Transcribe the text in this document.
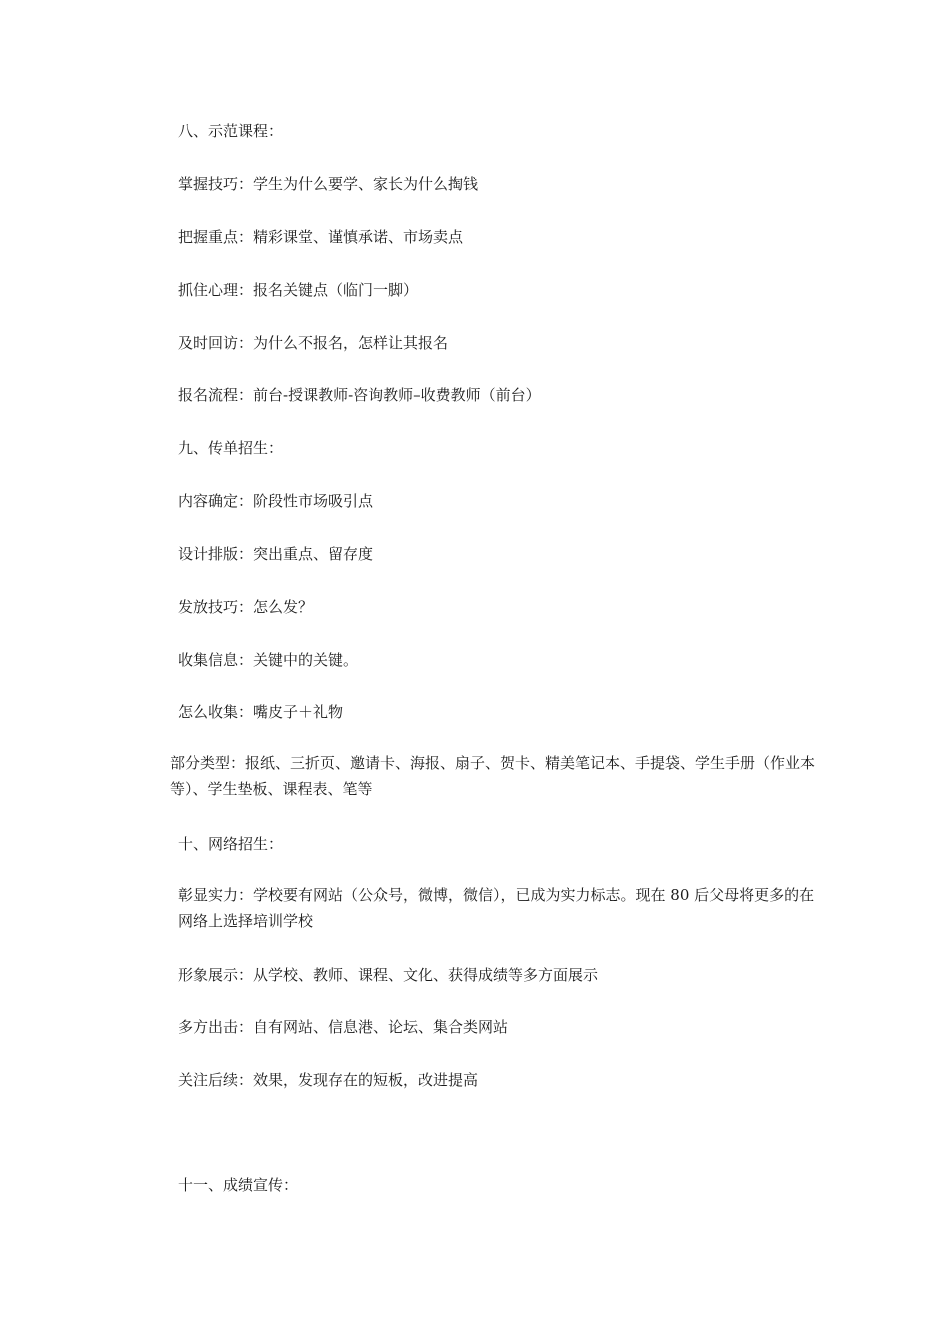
八、示范课程：
掌握技巧：学生为什么要学、家长为什么掏钱
把握重点：精彩课堂、谨慎承诺、市场卖点
抓住心理：报名关键点（临门一脚）
及时回访：为什么不报名，怎样让其报名
报名流程：前台-授课教师-咨询教师–收费教师（前台）
九、传单招生：
内容确定：阶段性市场吸引点
设计排版：突出重点、留存度
发放技巧：怎么发？
收集信息：关键中的关键。
怎么收集：嘴皮子＋礼物
部分类型：报纸、三折页、邀请卡、海报、扇子、贺卡、精美笔记本、手提袋、学生手册（作业本等）、学生垫板、课程表、笔等
十、网络招生：
彰显实力：学校要有网站（公众号，微博，微信），已成为实力标志。现在 80 后父母将更多的在网络上选择培训学校
形象展示：从学校、教师、课程、文化、获得成绩等多方面展示
多方出击：自有网站、信息港、论坛、集合类网站
关注后续：效果，发现存在的短板，改进提高
十一、成绩宣传：
